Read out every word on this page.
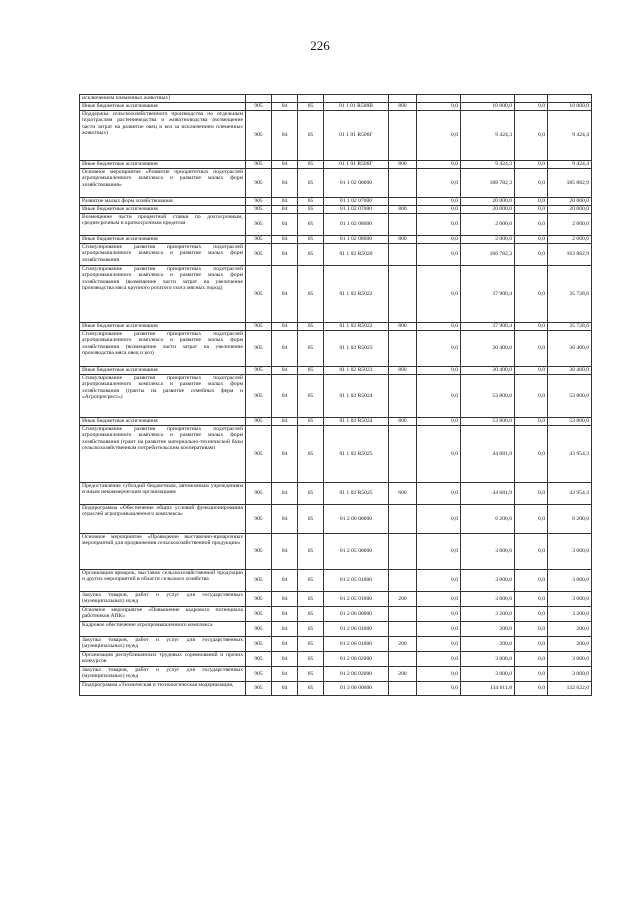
226
исключением племенных животных)									
Иные бюджетные ассигнования	905	04	05	01 1 01 R508B	800	0,0	10 000,0	0,0	10 000,0
Поддержка сельскохозяйственного производства по отдельным подотраслям растениеводства и животноводства (возмещение части затрат на развитие овец и коз за исключением племенных животных)	905	04	05	01 1 01 R508Г		0,0	9 424,3	0,0	9 424,4
Иные бюджетные ассигнования	905	04	05	01 1 01 R508Г	800	0,0	9 424,3	0,0	9 424,4
Основное мероприятие «Развитие приоритетных подотраслей агропромышленного комплекса и развитие малых форм хозяйствования»	905	04	05	01 1 02 00000		0,0	188 782,3	0,0	185 882,9
Развитие малых форм хозяйствования	905	04	05	01 1 02 07000		0,0	20 000,0	0,0	20 000,0
Иные бюджетные ассигнования	905	04	05	01 1 02 07000	800	0,0	20 000,0	0,0	20 000,0
Возмещение части процентной ставки по долгосрочным, среднесрочным и краткосрочным кредитам	905	04	05	01 1 02 08000		0,0	2 000,0	0,0	2 000,0
Иные бюджетные ассигнования	905	04	05	01 1 02 08000	800	0,0	2 000,0	0,0	2 000,0
Стимулирование развития приоритетных подотраслей агропромышленного комплекса и развитие малых форм хозяйствования	905	04	05	01 1 02 R5020		0,0	166 782,3	0,0	163 882,9
Стимулирование развития приоритетных подотраслей агропромышленного комплекса и развитие малых форм хозяйствования (возмещение части затрат на увеличение производства мяса крупного рогатого скота мясных пород)	905	04	05	01 1 02 R5022		0,0	37 900,4	0,0	35 728,6
Иные бюджетные ассигнования	905	04	05	01 1 02 R5022	800	0,0	37 900,4	0,0	35 728,6
Стимулирование развития приоритетных подотраслей агропромышленного комплекса и развитие малых форм хозяйствования (возмещение части затрат на увеличение производства мяса овец и коз)	905	04	05	01 1 02 R5023		0,0	30 400,0	0,0	30 400,0
Иные бюджетные ассигнования	905	04	05	01 1 02 R5023	800	0,0	30 400,0	0,0	30 400,0
Стимулирование развития приоритетных подотраслей агропромышленного комплекса и развитие малых форм хозяйствования (гранты на развитие семейных ферм и «Агропрогресс»)	905	04	05	01 1 02 R5024		0,0	53 800,0	0,0	53 800,0
Иные бюджетные ассигнования	905	04	05	01 1 02 R5024	800	0,0	53 800,0	0,0	53 800,0
Стимулирование развития приоритетных подотраслей агропромышленного комплекса и развитие малых форм хозяйствования (грант на развитие материально-технической базы сельскохозяйственным потребительским кооперативам)	905	04	05	01 1 02 R5025		0,0	44 681,9	0,0	43 954,3
Предоставление субсидий бюджетным, автономным учреждениям и иным некоммерческим организациям	905	04	05	01 1 02 R5025	600	0,0	44 681,9	0,0	43 954,3
Подпрограмма «Обеспечение общих условий функционирования отраслей агропромышленного комплекса»	905	04	05	01 2 00 00000		0,0	6 200,0	0,0	6 200,0
Основное мероприятие «Проведение выставочно-ярмарочных мероприятий для продвижения сельскохозяйственной продукции»	905	04	05	01 2 05 00000		0,0	3 000,0	0,0	3 000,0
Организация ярмарок, выставок сельскохозяйственной продукции и других мероприятий в области сельского хозяйства	905	04	05	01 2 05 01000		0,0	3 000,0	0,0	3 000,0
Закупка товаров, работ и услуг для государственных (муниципальных) нужд	905	04	05	01 2 05 01000	200	0,0	3 000,0	0,0	3 000,0
Основное мероприятие «Повышение кадрового потенциала работников АПК»	905	04	05	01 2 06 00000		0,0	3 200,0	0,0	3 200,0
Кадровое обеспечение агропромышленного комплекса	905	04	05	01 2 06 01000		0,0	200,0	0,0	200,0
Закупка товаров, работ и услуг для государственных (муниципальных) нужд	905	04	05	01 2 06 01000	200	0,0	200,0	0,0	200,0
Организация республиканских трудовых соревнований и прочих конкурсов	905	04	05	01 2 06 02000		0,0	3 000,0	0,0	3 000,0
Закупка товаров, работ и услуг для государственных (муниципальных) нужд	905	04	05	01 2 06 02000	200	0,0	3 000,0	0,0	3 000,0
Подпрограмма «Техническая и технологическая модернизация,	905	04	05	01 3 00 00000		0,0	134 611,8	0,0	132 622,0
